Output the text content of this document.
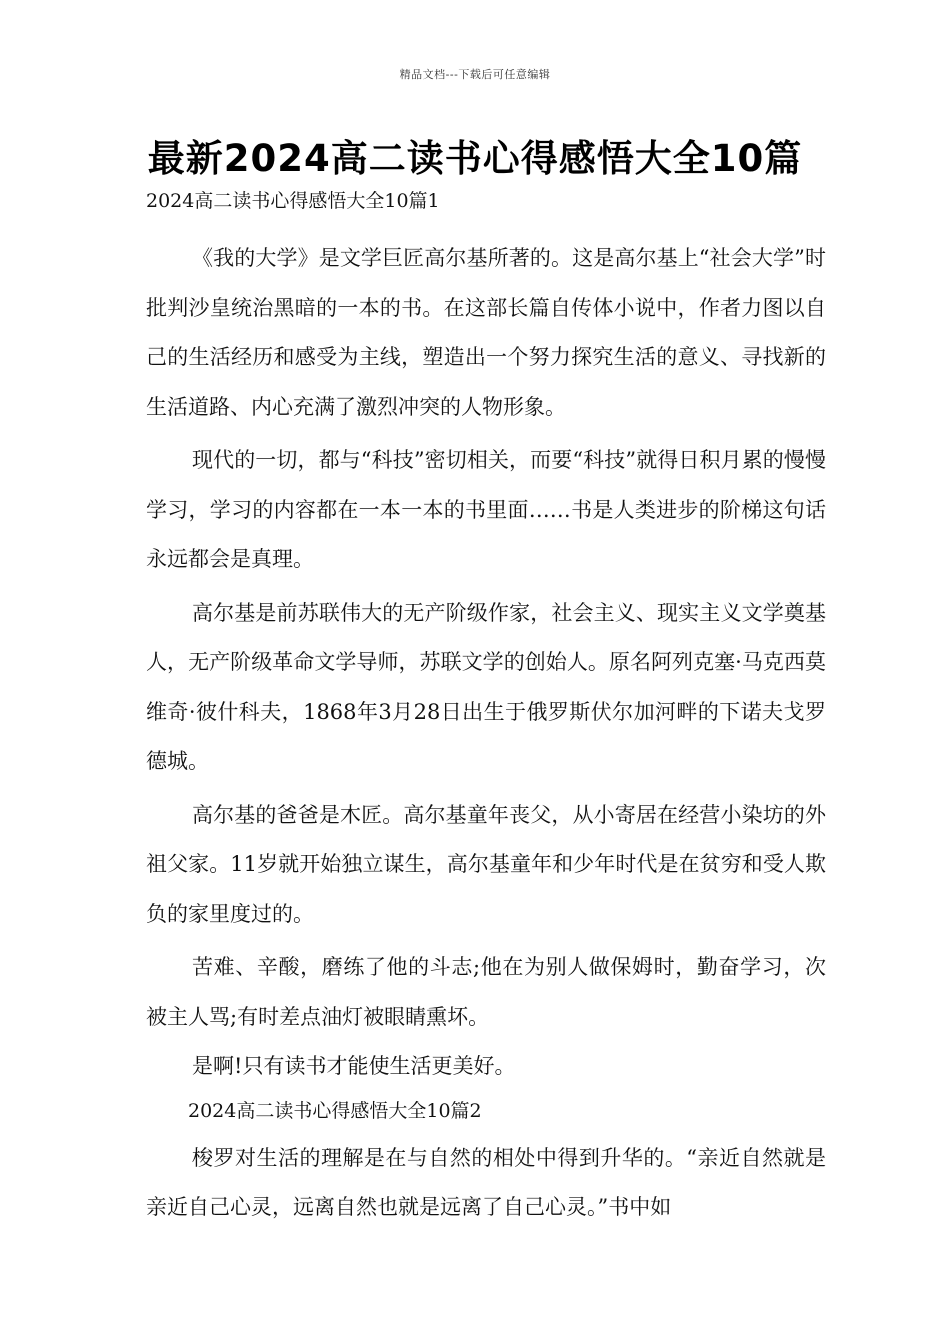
精品文档---下载后可任意编辑
最新2024高二读书心得感悟大全10篇

2024高二读书心得感悟大全10篇1

《我的大学》是文学巨匠高尔基所著的。这是高尔基上“社会大学”时批判沙皇统治黑暗的一本的书。在这部长篇自传体小说中，作者力图以自己的生活经历和感受为主线，塑造出一个努力探究生活的意义、寻找新的生活道路、内心充满了激烈冲突的人物形象。

现代的一切，都与“科技”密切相关，而要“科技”就得日积月累的慢慢学习，学习的内容都在一本一本的书里面……书是人类进步的阶梯这句话永远都会是真理。

高尔基是前苏联伟大的无产阶级作家，社会主义、现实主义文学奠基人，无产阶级革命文学导师，苏联文学的创始人。原名阿列克塞·马克西莫维奇·彼什科夫，1868年3月28日出生于俄罗斯伏尔加河畔的下诺夫戈罗德城。

高尔基的爸爸是木匠。高尔基童年丧父，从小寄居在经营小染坊的外祖父家。11岁就开始独立谋生，高尔基童年和少年时代是在贫穷和受人欺负的家里度过的。

苦难、辛酸，磨练了他的斗志;他在为别人做保姆时，勤奋学习，次被主人骂;有时差点油灯被眼睛熏坏。

是啊!只有读书才能使生活更美好。

2024高二读书心得感悟大全10篇2

梭罗对生活的理解是在与自然的相处中得到升华的。“亲近自然就是亲近自己心灵，远离自然也就是远离了自己心灵。”书中如
